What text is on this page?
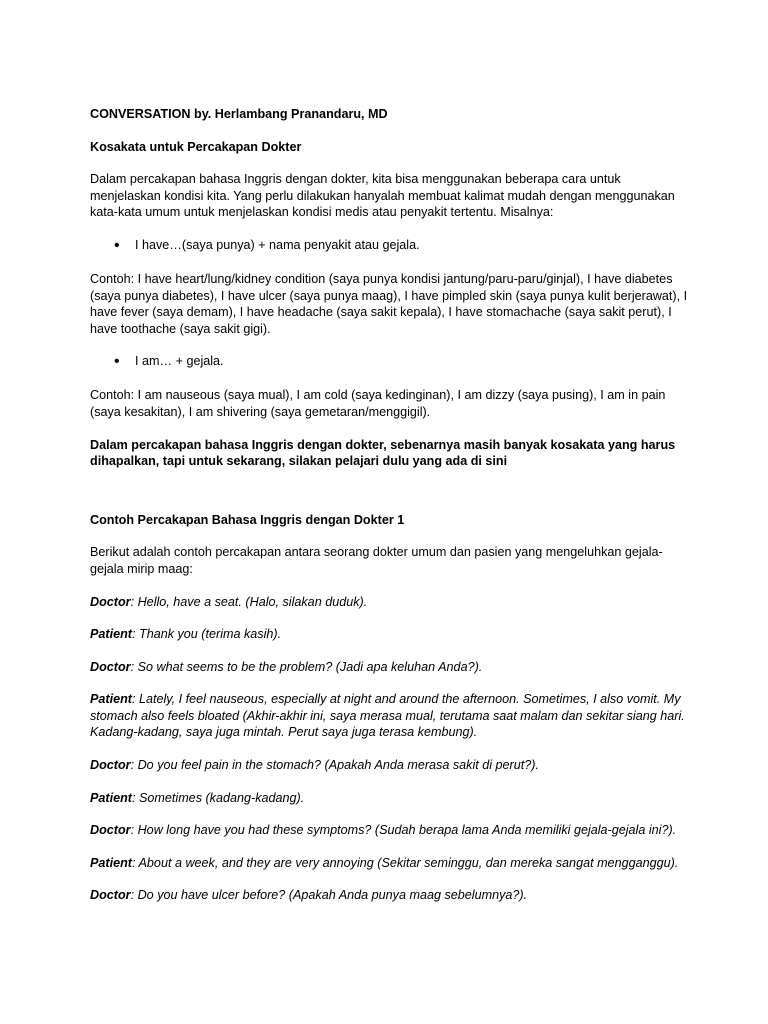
CONVERSATION by. Herlambang Pranandaru, MD

Kosakata untuk Percakapan Dokter

Dalam percakapan bahasa Inggris dengan dokter, kita bisa menggunakan beberapa cara untuk menjelaskan kondisi kita. Yang perlu dilakukan hanyalah membuat kalimat mudah dengan menggunakan kata-kata umum untuk menjelaskan kondisi medis atau penyakit tertentu. Misalnya:

•	I have…(saya punya) + nama penyakit atau gejala.

Contoh: I have heart/lung/kidney condition (saya punya kondisi jantung/paru-paru/ginjal), I have diabetes (saya punya diabetes), I have ulcer (saya punya maag), I have pimpled skin (saya punya kulit berjerawat), I have fever (saya demam), I have headache (saya sakit kepala), I have stomachache (saya sakit perut), I have toothache (saya sakit gigi).

•	I am… + gejala.

Contoh: I am nauseous (saya mual), I am cold (saya kedinginan), I am dizzy (saya pusing), I am in pain (saya kesakitan), I am shivering (saya gemetaran/menggigil).

Dalam percakapan bahasa Inggris dengan dokter, sebenarnya masih banyak kosakata yang harus dihapalkan, tapi untuk sekarang, silakan pelajari dulu yang ada di sini

Contoh Percakapan Bahasa Inggris dengan Dokter 1

Berikut adalah contoh percakapan antara seorang dokter umum dan pasien yang mengeluhkan gejala-gejala mirip maag:

Doctor: Hello, have a seat. (Halo, silakan duduk).

Patient: Thank you (terima kasih).

Doctor: So what seems to be the problem? (Jadi apa keluhan Anda?).

Patient: Lately, I feel nauseous, especially at night and around the afternoon. Sometimes, I also vomit. My stomach also feels bloated (Akhir-akhir ini, saya merasa mual, terutama saat malam dan sekitar siang hari. Kadang-kadang, saya juga mintah. Perut saya juga terasa kembung).

Doctor: Do you feel pain in the stomach? (Apakah Anda merasa sakit di perut?).

Patient: Sometimes (kadang-kadang).

Doctor: How long have you had these symptoms? (Sudah berapa lama Anda memiliki gejala-gejala ini?).

Patient: About a week, and they are very annoying (Sekitar seminggu, dan mereka sangat mengganggu).

Doctor: Do you have ulcer before? (Apakah Anda punya maag sebelumnya?).
